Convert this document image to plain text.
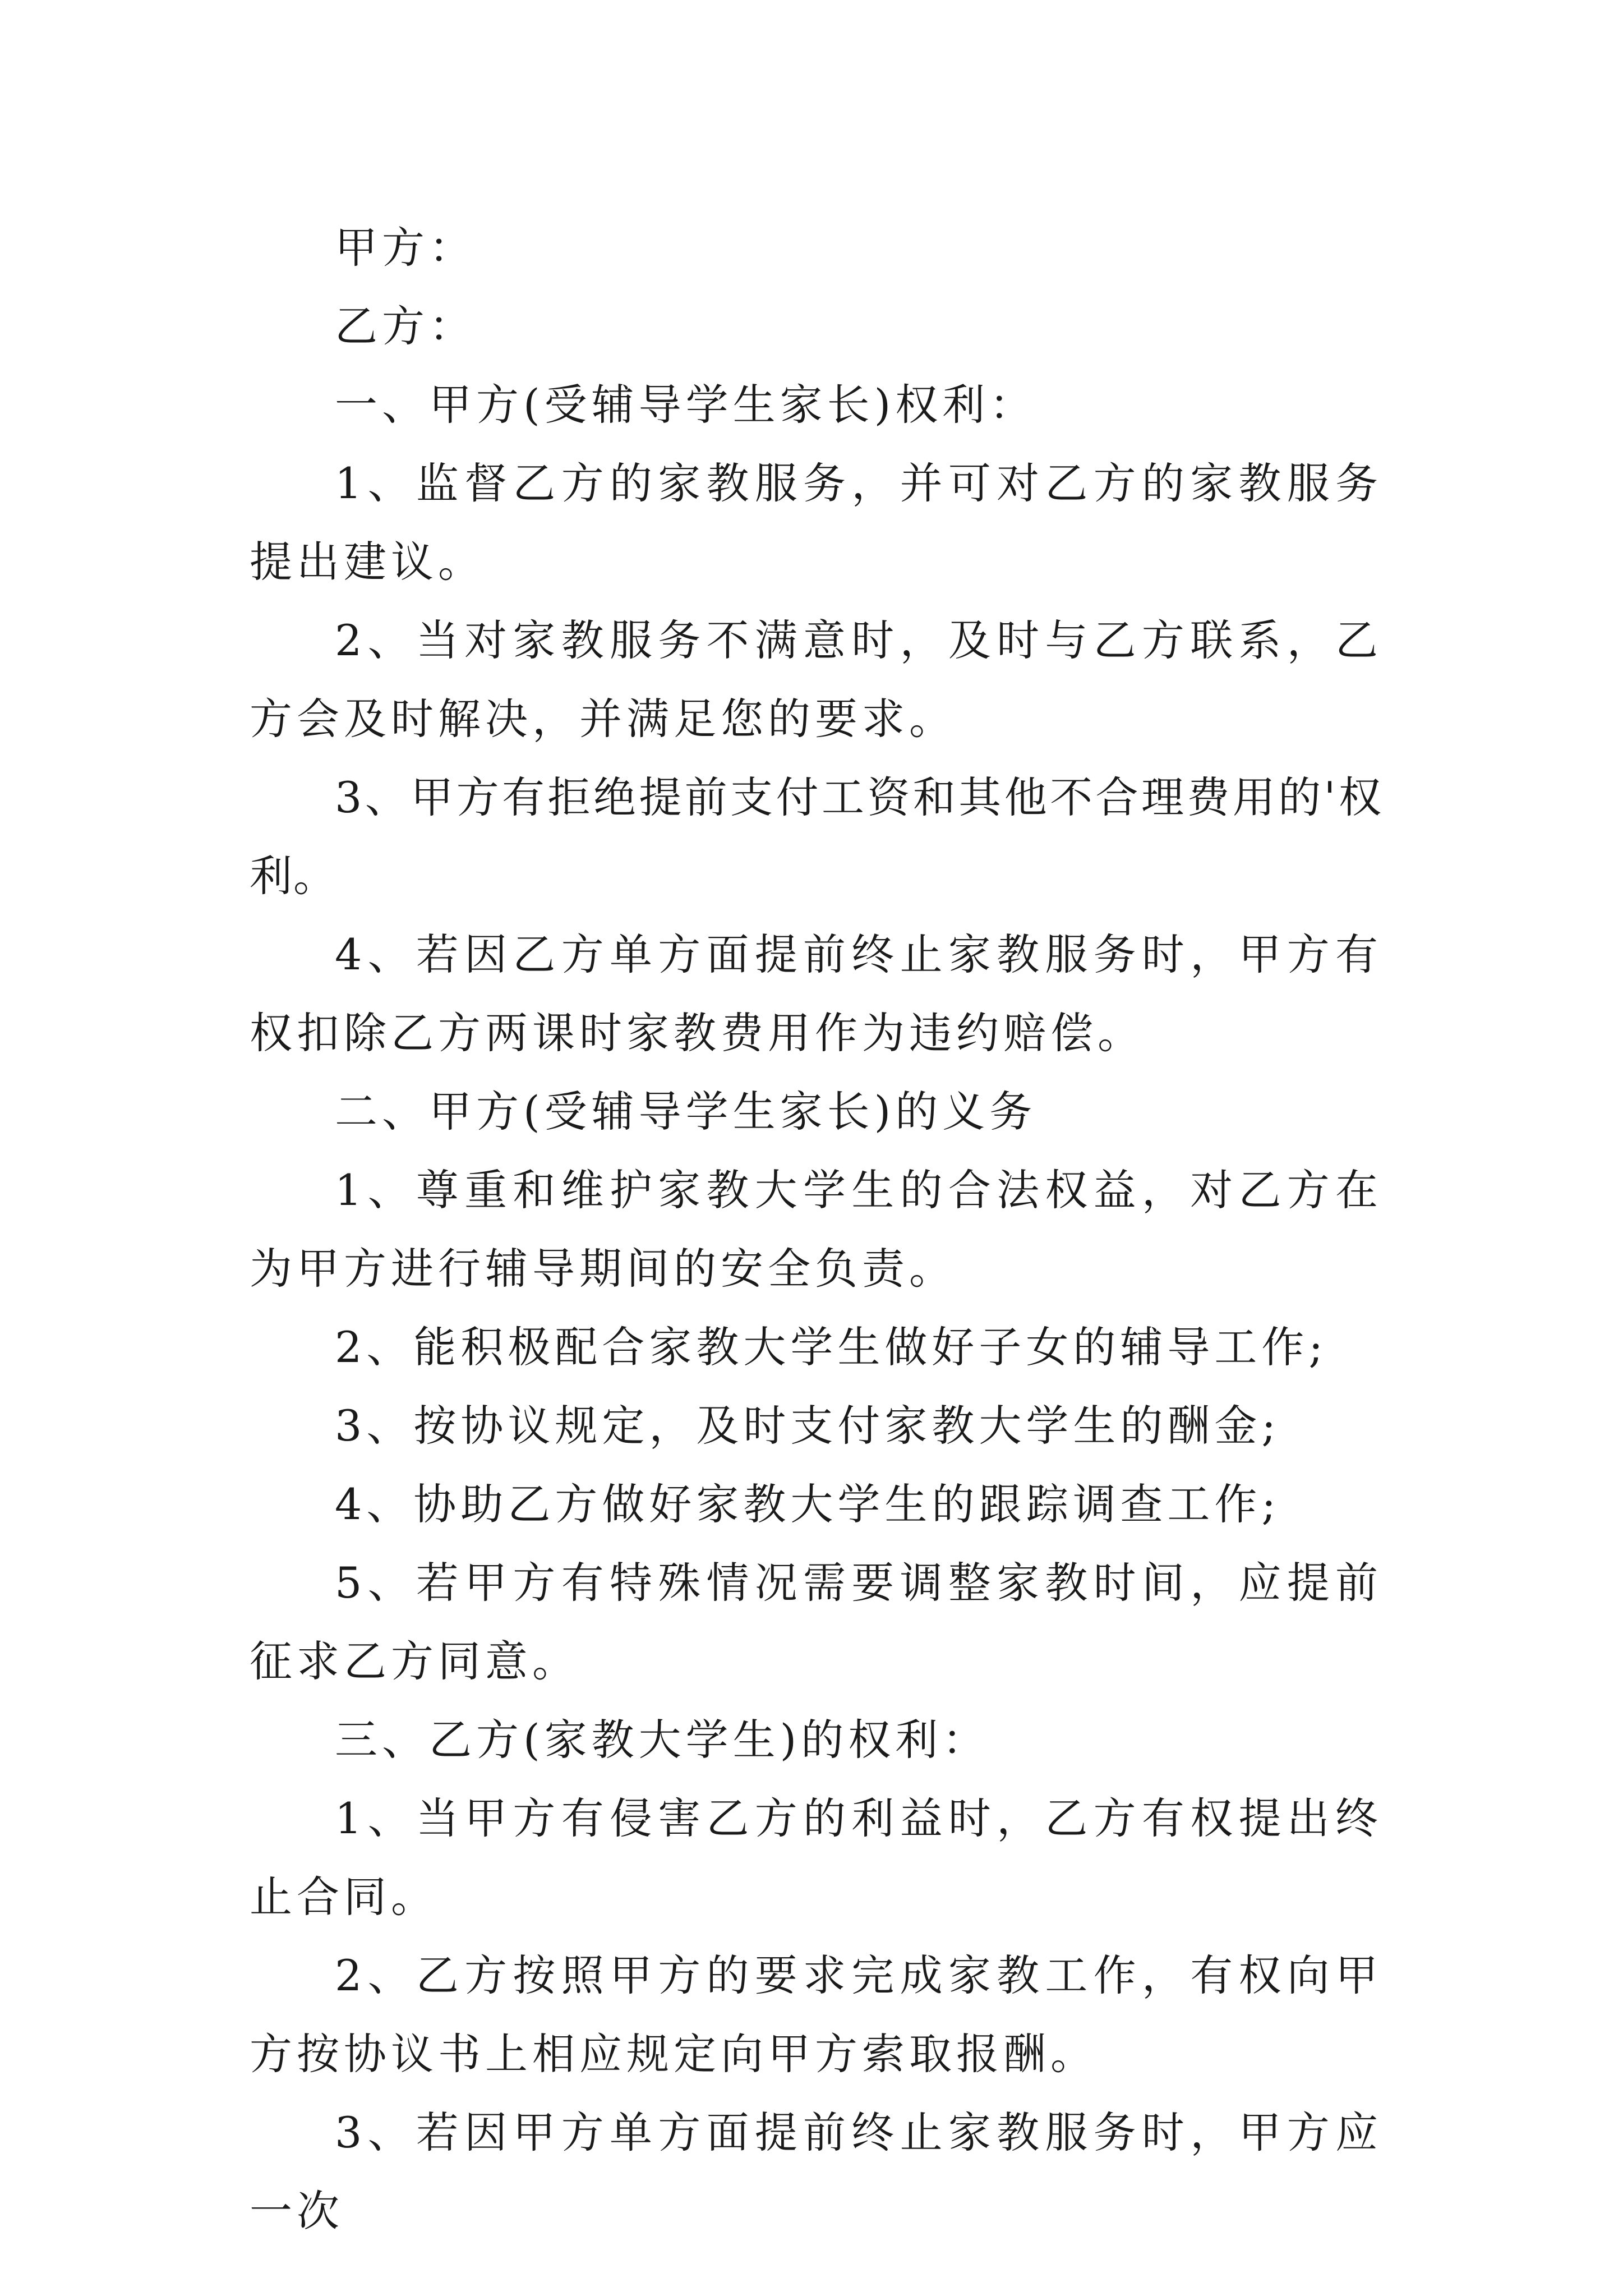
甲方：

乙方：

一、甲方(受辅导学生家长)权利：

1、监督乙方的家教服务，并可对乙方的家教服务提出建议。

2、当对家教服务不满意时，及时与乙方联系，乙方会及时解决，并满足您的要求。

3、甲方有拒绝提前支付工资和其他不合理费用的'权利。

4、若因乙方单方面提前终止家教服务时，甲方有权扣除乙方两课时家教费用作为违约赔偿。

二、甲方(受辅导学生家长)的义务

1、尊重和维护家教大学生的合法权益，对乙方在为甲方进行辅导期间的安全负责。

2、能积极配合家教大学生做好子女的辅导工作;

3、按协议规定，及时支付家教大学生的酬金;

4、协助乙方做好家教大学生的跟踪调查工作;

5、若甲方有特殊情况需要调整家教时间，应提前征求乙方同意。

三、乙方(家教大学生)的权利：

1、当甲方有侵害乙方的利益时，乙方有权提出终止合同。

2、乙方按照甲方的要求完成家教工作，有权向甲方按协议书上相应规定向甲方索取报酬。

3、若因甲方单方面提前终止家教服务时，甲方应一次
